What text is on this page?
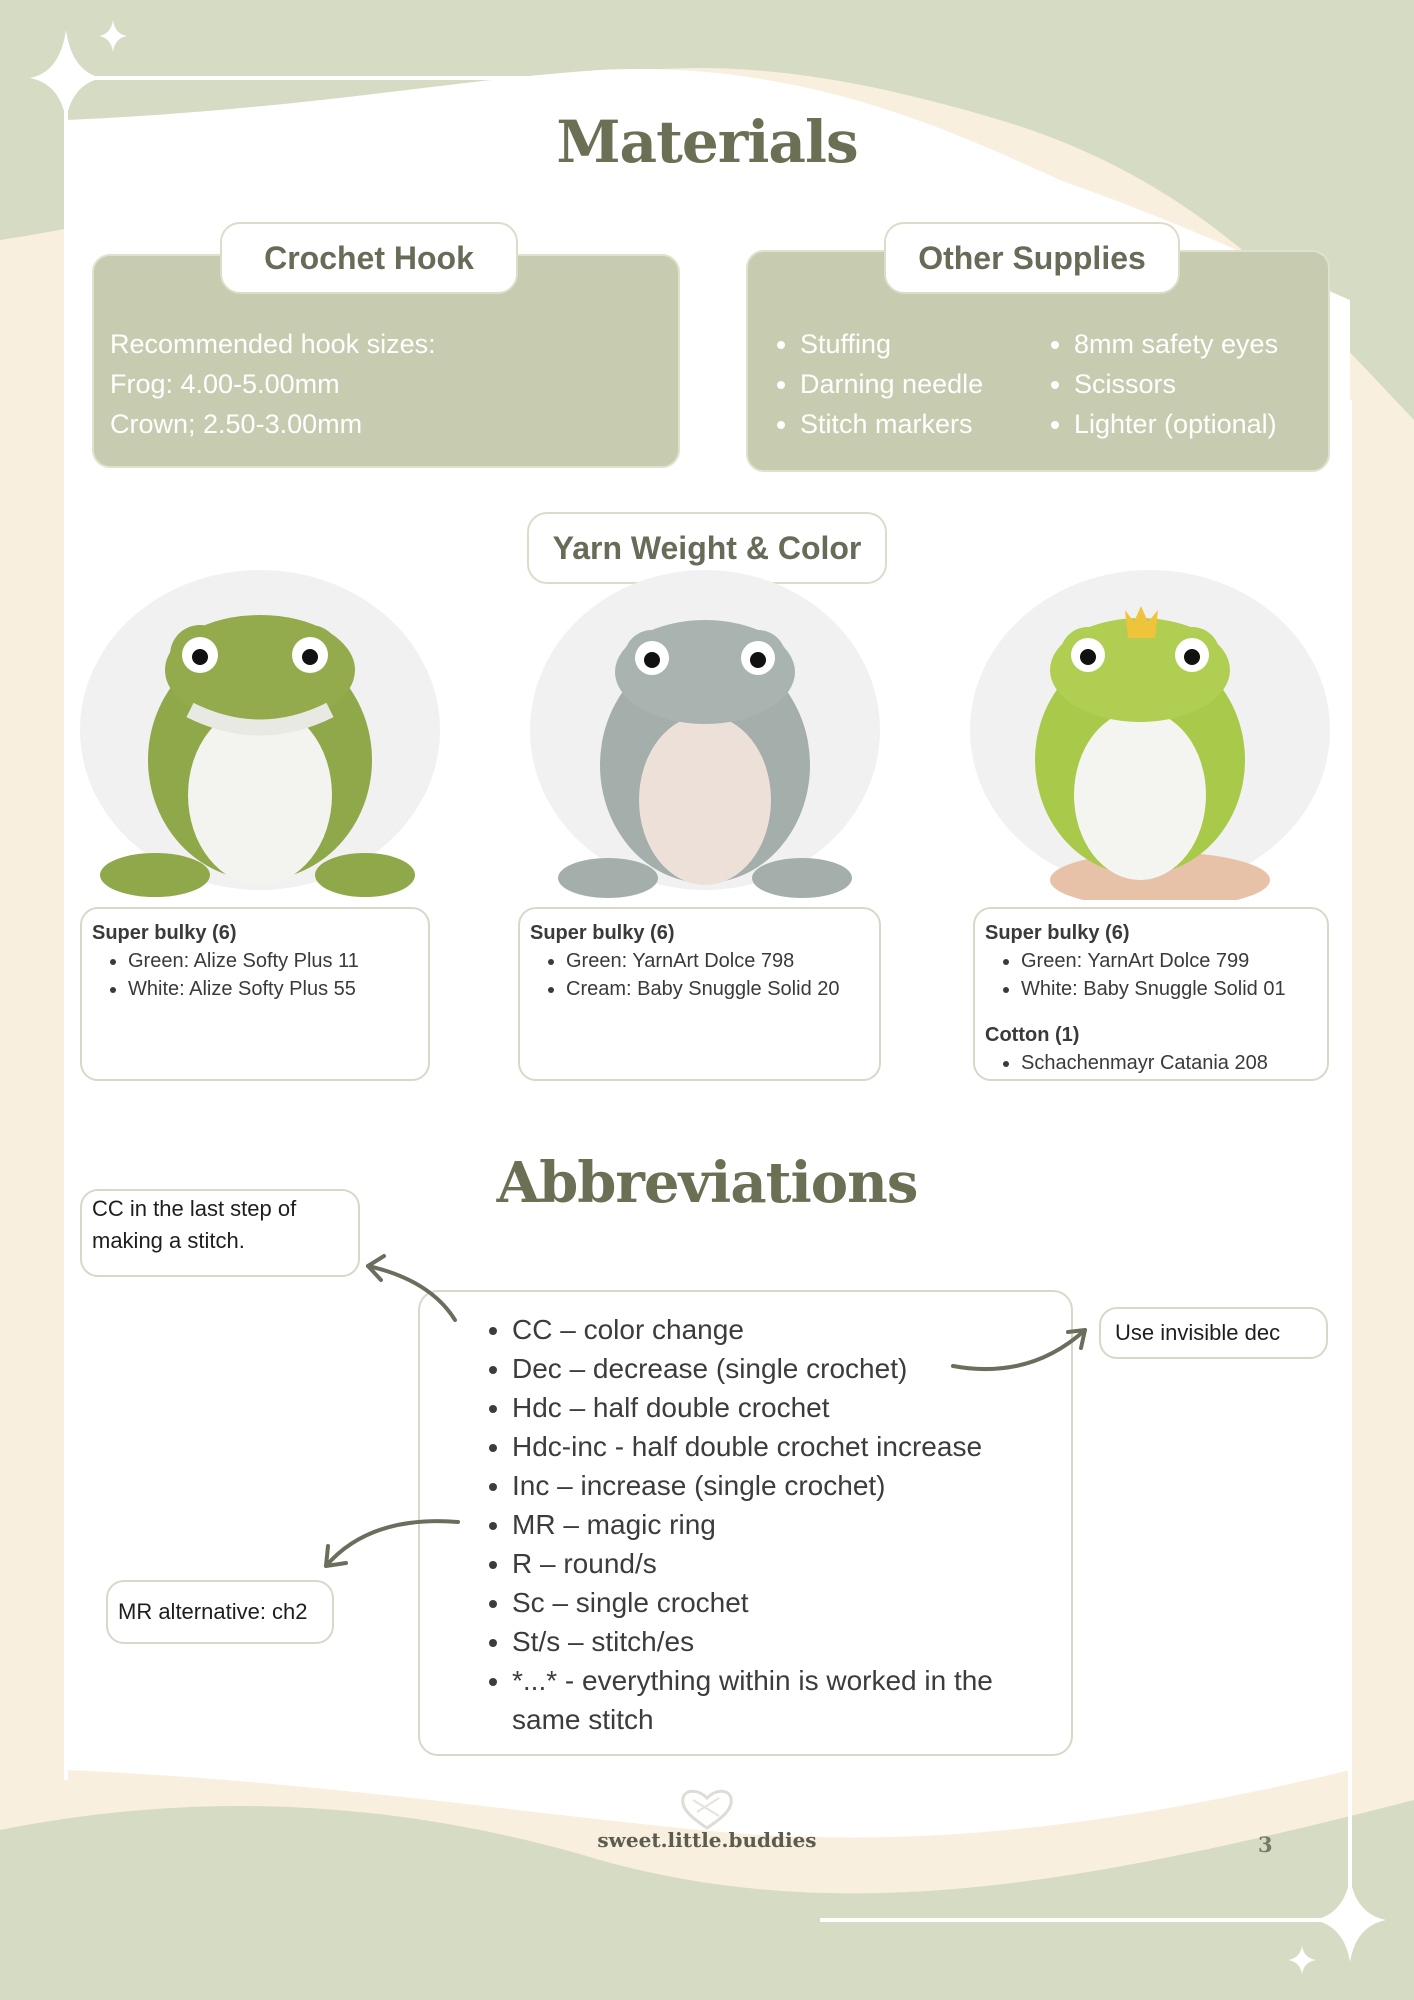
Materials
Crochet Hook
Recommended hook sizes:
Frog: 4.00-5.00mm
Crown; 2.50-3.00mm
Other Supplies
• Stuffing
• Darning needle
• Stitch markers
• 8mm safety eyes
• Scissors
• Lighter (optional)
Yarn Weight & Color
Super bulky (6)
• Green: Alize Softy Plus 11
• White: Alize Softy Plus 55
Super bulky (6)
• Green: YarnArt Dolce 798
• Cream: Baby Snuggle Solid 20
Super bulky (6)
• Green: YarnArt Dolce 799
• White: Baby Snuggle Solid 01
Cotton (1)
• Schachenmayr Catania 208
Abbreviations
CC in the last step of making a stitch.
Use invisible dec
MR alternative: ch2
• CC – color change
• Dec – decrease (single crochet)
• Hdc – half double crochet
• Hdc-inc - half double crochet increase
• Inc – increase (single crochet)
• MR – magic ring
• R – round/s
• Sc – single crochet
• St/s – stitch/es
• *...* - everything within is worked in the same stitch
sweet.little.buddies	3
